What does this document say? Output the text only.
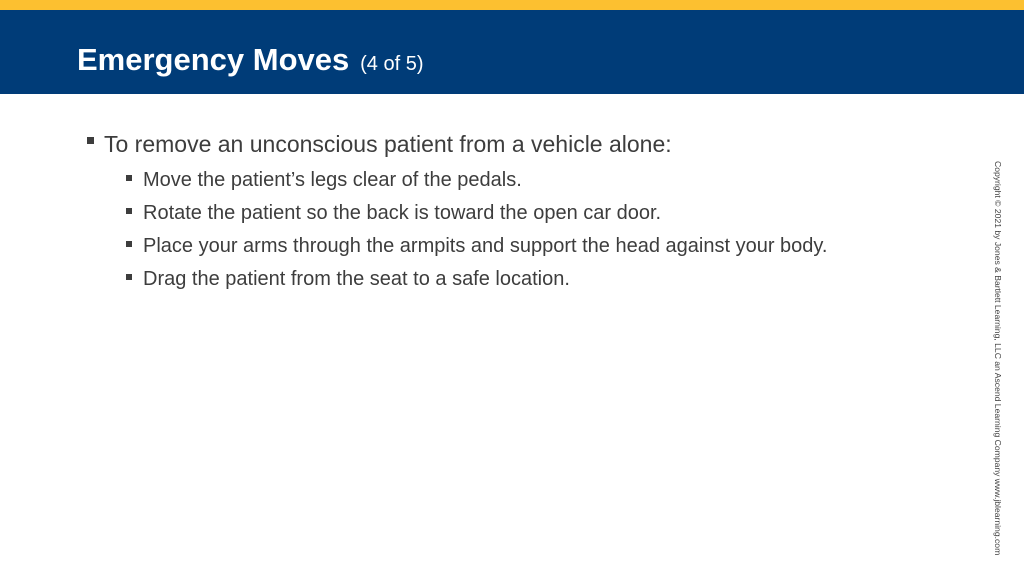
Emergency Moves (4 of 5)
To remove an unconscious patient from a vehicle alone:
Move the patient’s legs clear of the pedals.
Rotate the patient so the back is toward the open car door.
Place your arms through the armpits and support the head against your body.
Drag the patient from the seat to a safe location.	Copyright © 2021 by Jones & Bartlett Learning, LLC an Ascend Learning Company www.jblearning.com
